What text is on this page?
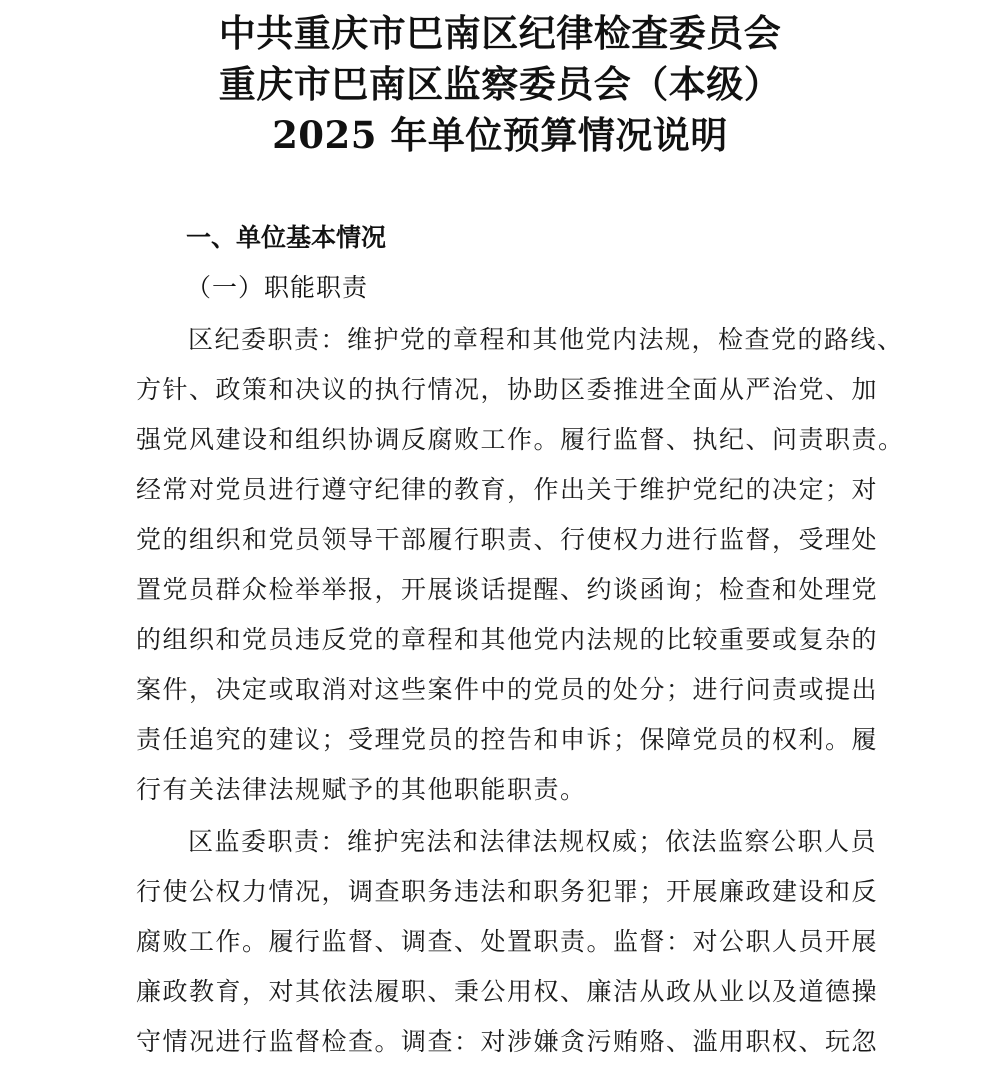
中共重庆市巴南区纪律检查委员会
重庆市巴南区监察委员会（本级）
2025 年单位预算情况说明
一、单位基本情况
（一）职能职责
区纪委职责：维护党的章程和其他党内法规，检查党的路线、
方针、政策和决议的执行情况，协助区委推进全面从严治党、加
强党风建设和组织协调反腐败工作。履行监督、执纪、问责职责。
经常对党员进行遵守纪律的教育，作出关于维护党纪的决定；对
党的组织和党员领导干部履行职责、行使权力进行监督，受理处
置党员群众检举举报，开展谈话提醒、约谈函询；检查和处理党
的组织和党员违反党的章程和其他党内法规的比较重要或复杂的
案件，决定或取消对这些案件中的党员的处分；进行问责或提出
责任追究的建议；受理党员的控告和申诉；保障党员的权利。履
行有关法律法规赋予的其他职能职责。
区监委职责：维护宪法和法律法规权威；依法监察公职人员
行使公权力情况，调查职务违法和职务犯罪；开展廉政建设和反
腐败工作。履行监督、调查、处置职责。监督：对公职人员开展
廉政教育，对其依法履职、秉公用权、廉洁从政从业以及道德操
守情况进行监督检查。调查：对涉嫌贪污贿赂、滥用职权、玩忽
